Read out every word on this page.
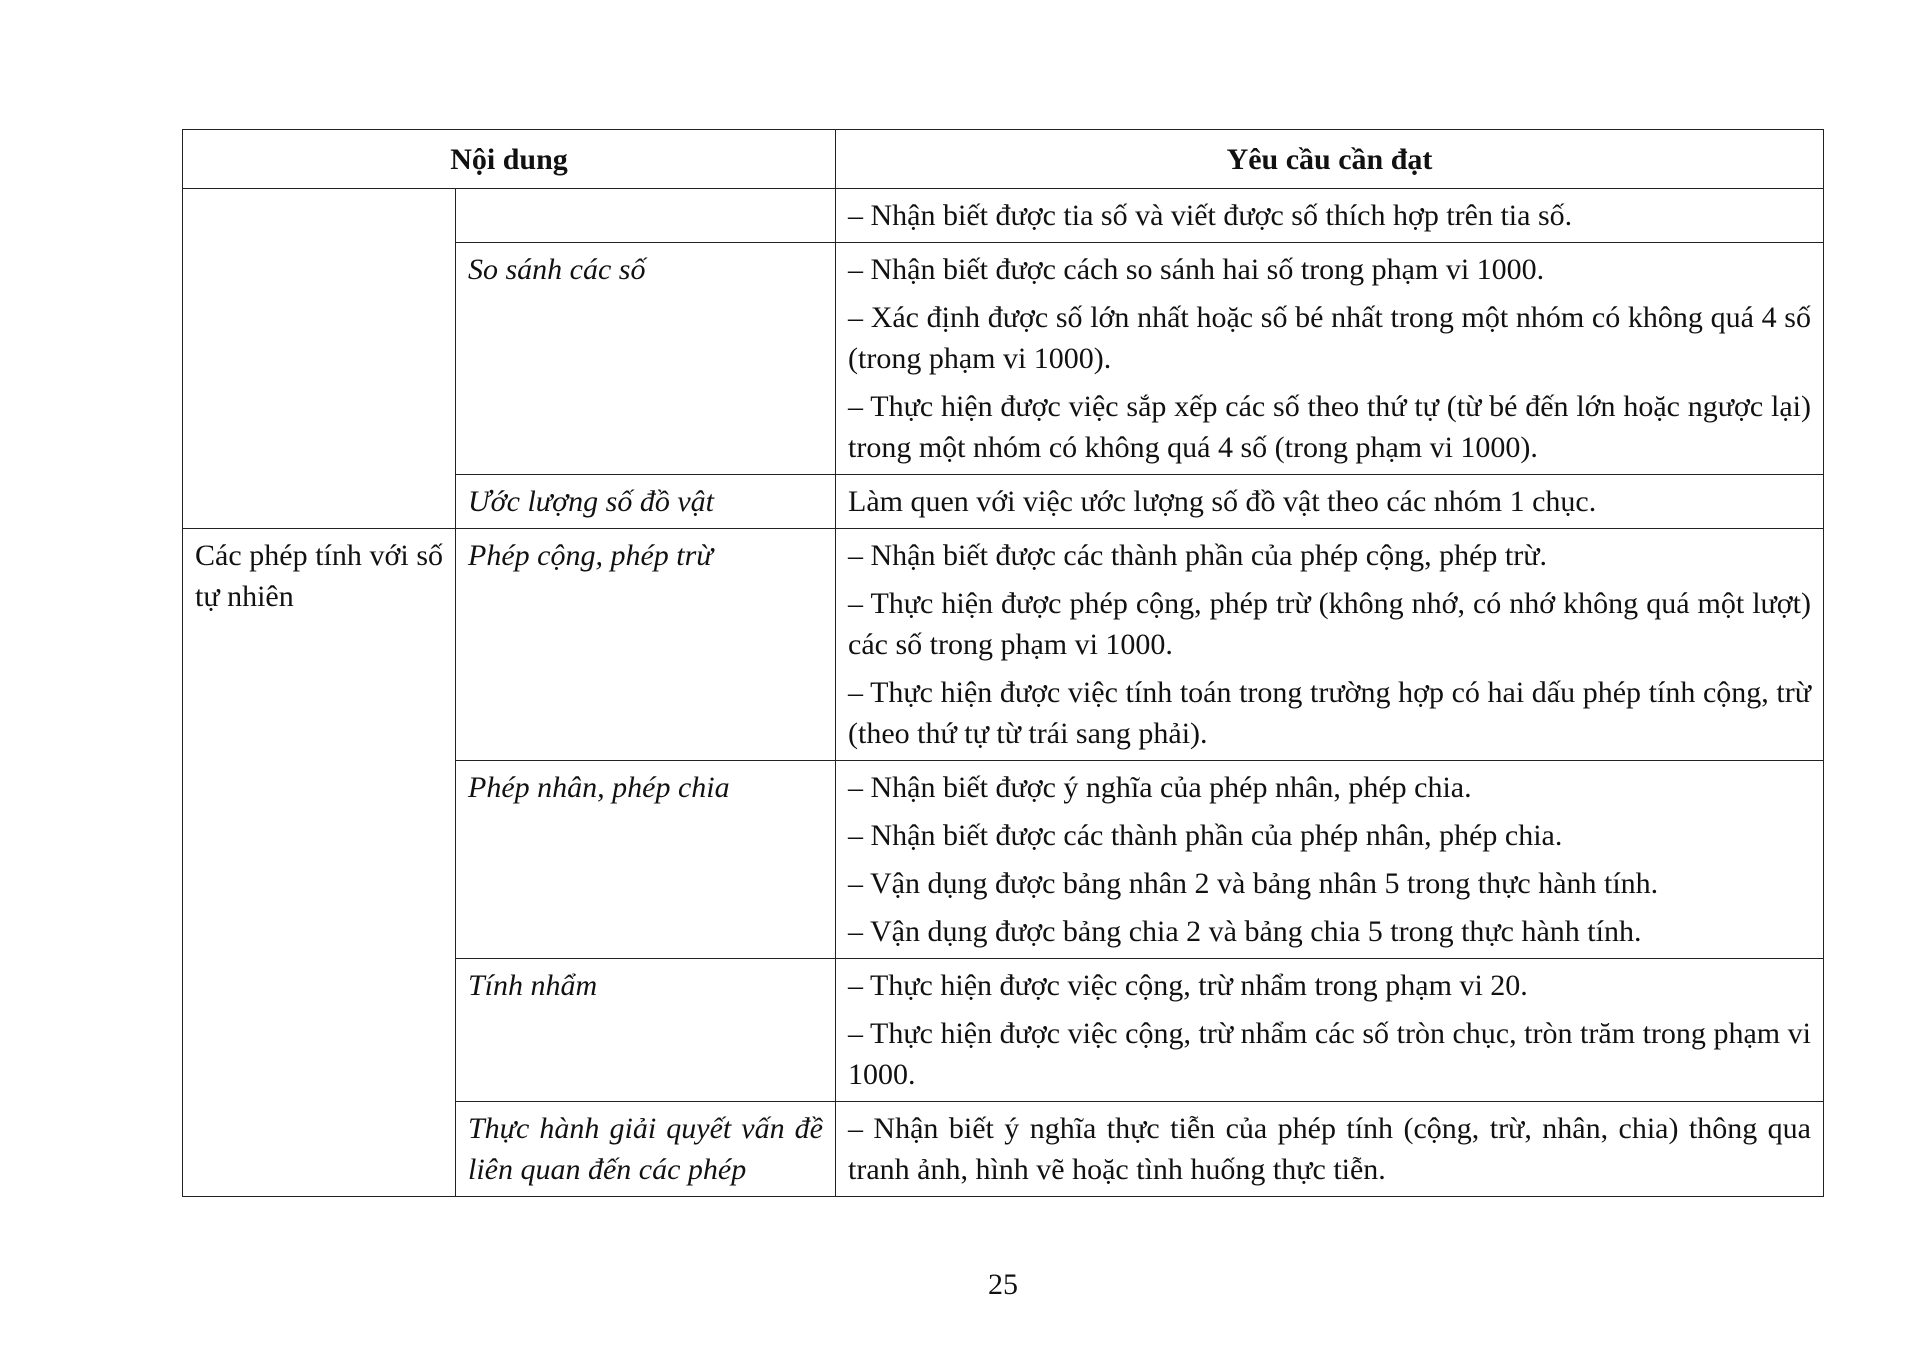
Nội dung		Yêu cầu cần đạt

		– Nhận biết được tia số và viết được số thích hợp trên tia số.

	So sánh các số	– Nhận biết được cách so sánh hai số trong phạm vi 1000.

– Xác định được số lớn nhất hoặc số bé nhất trong một nhóm có không quá 4 số (trong phạm vi 1000).

– Thực hiện được việc sắp xếp các số theo thứ tự (từ bé đến lớn hoặc ngược lại) trong một nhóm có không quá 4 số (trong phạm vi 1000).

	Ước lượng số đồ vật	Làm quen với việc ước lượng số đồ vật theo các nhóm 1 chục.

Các phép tính với số tự nhiên	Phép cộng, phép trừ	– Nhận biết được các thành phần của phép cộng, phép trừ.

– Thực hiện được phép cộng, phép trừ (không nhớ, có nhớ không quá một lượt) các số trong phạm vi 1000.

– Thực hiện được việc tính toán trong trường hợp có hai dấu phép tính cộng, trừ (theo thứ tự từ trái sang phải).

	Phép nhân, phép chia	– Nhận biết được ý nghĩa của phép nhân, phép chia.

– Nhận biết được các thành phần của phép nhân, phép chia.

– Vận dụng được bảng nhân 2 và bảng nhân 5 trong thực hành tính.

– Vận dụng được bảng chia 2 và bảng chia 5 trong thực hành tính.

	Tính nhẩm	– Thực hiện được việc cộng, trừ nhẩm trong phạm vi 20.

– Thực hiện được việc cộng, trừ nhẩm các số tròn chục, tròn trăm trong phạm vi 1000.

	Thực hành giải quyết vấn đề liên quan đến các phép	– Nhận biết ý nghĩa thực tiễn của phép tính (cộng, trừ, nhân, chia) thông qua tranh ảnh, hình vẽ hoặc tình huống thực tiễn.

25
